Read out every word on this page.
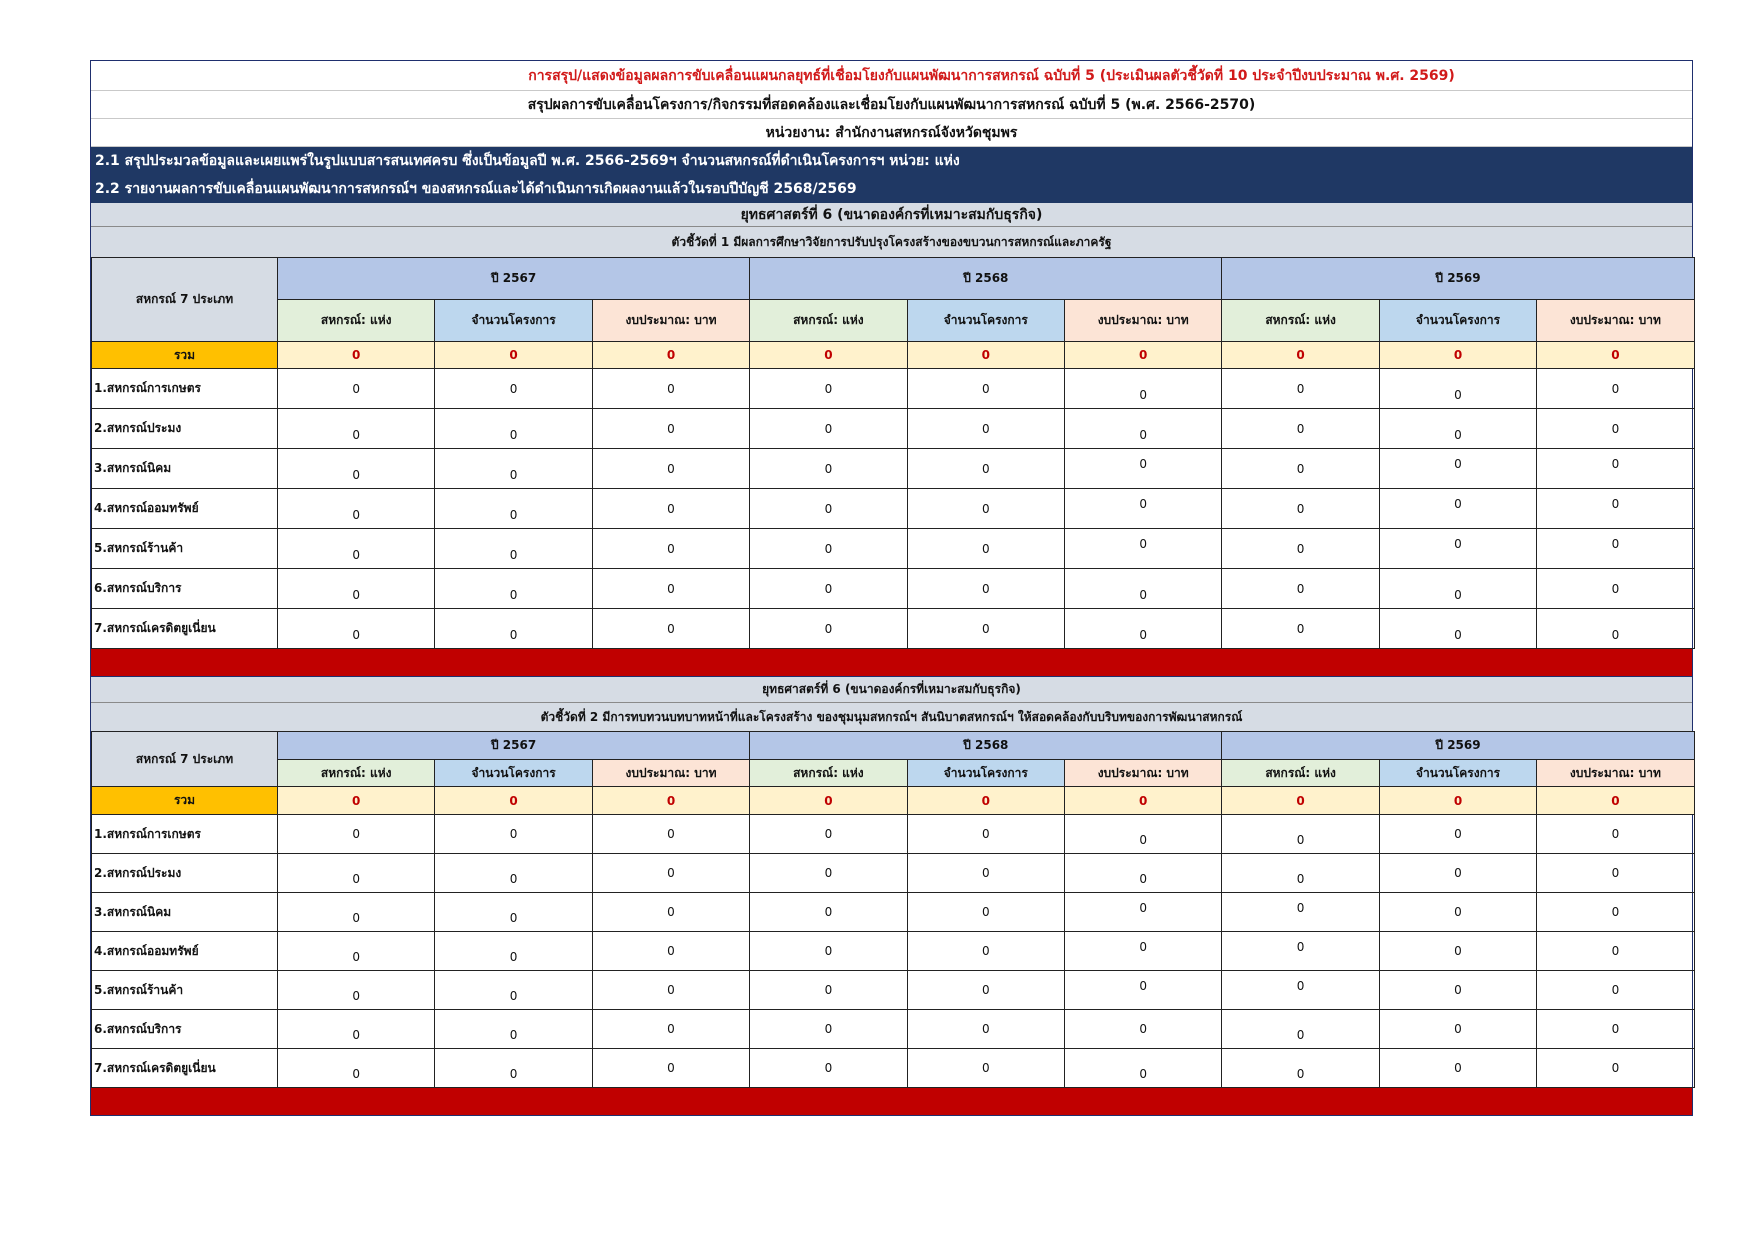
การสรุป/แสดงข้อมูลผลการขับเคลื่อนแผนกลยุทธ์ที่เชื่อมโยงกับแผนพัฒนาการสหกรณ์ ฉบับที่ 5 (ประเมินผลตัวชี้วัดที่ 10 ประจำปีงบประมาณ พ.ศ. 2569)
สรุปผลการขับเคลื่อนโครงการ/กิจกรรมที่สอดคล้องและเชื่อมโยงกับแผนพัฒนาการสหกรณ์ ฉบับที่ 5 (พ.ศ. 2566-2570)
หน่วยงาน: สำนักงานสหกรณ์จังหวัดชุมพร
2.1 สรุปประมวลข้อมูลและเผยแพร่ในรูปแบบสารสนเทศครบ ซึ่งเป็นข้อมูลปี พ.ศ. 2566-2569ฯ จำนวนสหกรณ์ที่ดำเนินโครงการฯ หน่วย: แห่ง
2.2 รายงานผลการขับเคลื่อนแผนพัฒนาการสหกรณ์ฯ ของสหกรณ์และได้ดำเนินการเกิดผลงานแล้วในรอบปีบัญชี 2568/2569
ยุทธศาสตร์ที่ 6 (ขนาดองค์กรที่เหมาะสมกับธุรกิจ)
ตัวชี้วัดที่ 1 มีผลการศึกษาวิจัยการปรับปรุงโครงสร้างของขบวนการสหกรณ์และภาครัฐ
สหกรณ์ 7 ประเภท	ปี 2567			ปี 2568			ปี 2569		
	สหกรณ์: แห่ง	จำนวนโครงการ	งบประมาณ: บาท	สหกรณ์: แห่ง	จำนวนโครงการ	งบประมาณ: บาท	สหกรณ์: แห่ง	จำนวนโครงการ	งบประมาณ: บาท
รวม	0	0	0	0	0	0	0	0	0
1.สหกรณ์การเกษตร	0	0	0	0	0	0	0	0	0
2.สหกรณ์ประมง	0	0	0	0	0	0	0	0	0
3.สหกรณ์นิคม	0	0	0	0	0	0	0	0	0
4.สหกรณ์ออมทรัพย์	0	0	0	0	0	0	0	0	0
5.สหกรณ์ร้านค้า	0	0	0	0	0	0	0	0	0
6.สหกรณ์บริการ	0	0	0	0	0	0	0	0	0
7.สหกรณ์เครดิตยูเนี่ยน	0	0	0	0	0	0	0	0	0
ยุทธศาสตร์ที่ 6 (ขนาดองค์กรที่เหมาะสมกับธุรกิจ)
ตัวชี้วัดที่ 2 มีการทบทวนบทบาทหน้าที่และโครงสร้าง ของชุมนุมสหกรณ์ฯ สันนิบาตสหกรณ์ฯ ให้สอดคล้องกับบริบทของการพัฒนาสหกรณ์
สหกรณ์ 7 ประเภท	ปี 2567			ปี 2568			ปี 2569		
	สหกรณ์: แห่ง	จำนวนโครงการ	งบประมาณ: บาท	สหกรณ์: แห่ง	จำนวนโครงการ	งบประมาณ: บาท	สหกรณ์: แห่ง	จำนวนโครงการ	งบประมาณ: บาท
รวม	0	0	0	0	0	0	0	0	0
1.สหกรณ์การเกษตร	0	0	0	0	0	0	0	0	0
2.สหกรณ์ประมง	0	0	0	0	0	0	0	0	0
3.สหกรณ์นิคม	0	0	0	0	0	0	0	0	0
4.สหกรณ์ออมทรัพย์	0	0	0	0	0	0	0	0	0
5.สหกรณ์ร้านค้า	0	0	0	0	0	0	0	0	0
6.สหกรณ์บริการ	0	0	0	0	0	0	0	0	0
7.สหกรณ์เครดิตยูเนี่ยน	0	0	0	0	0	0	0	0	0
